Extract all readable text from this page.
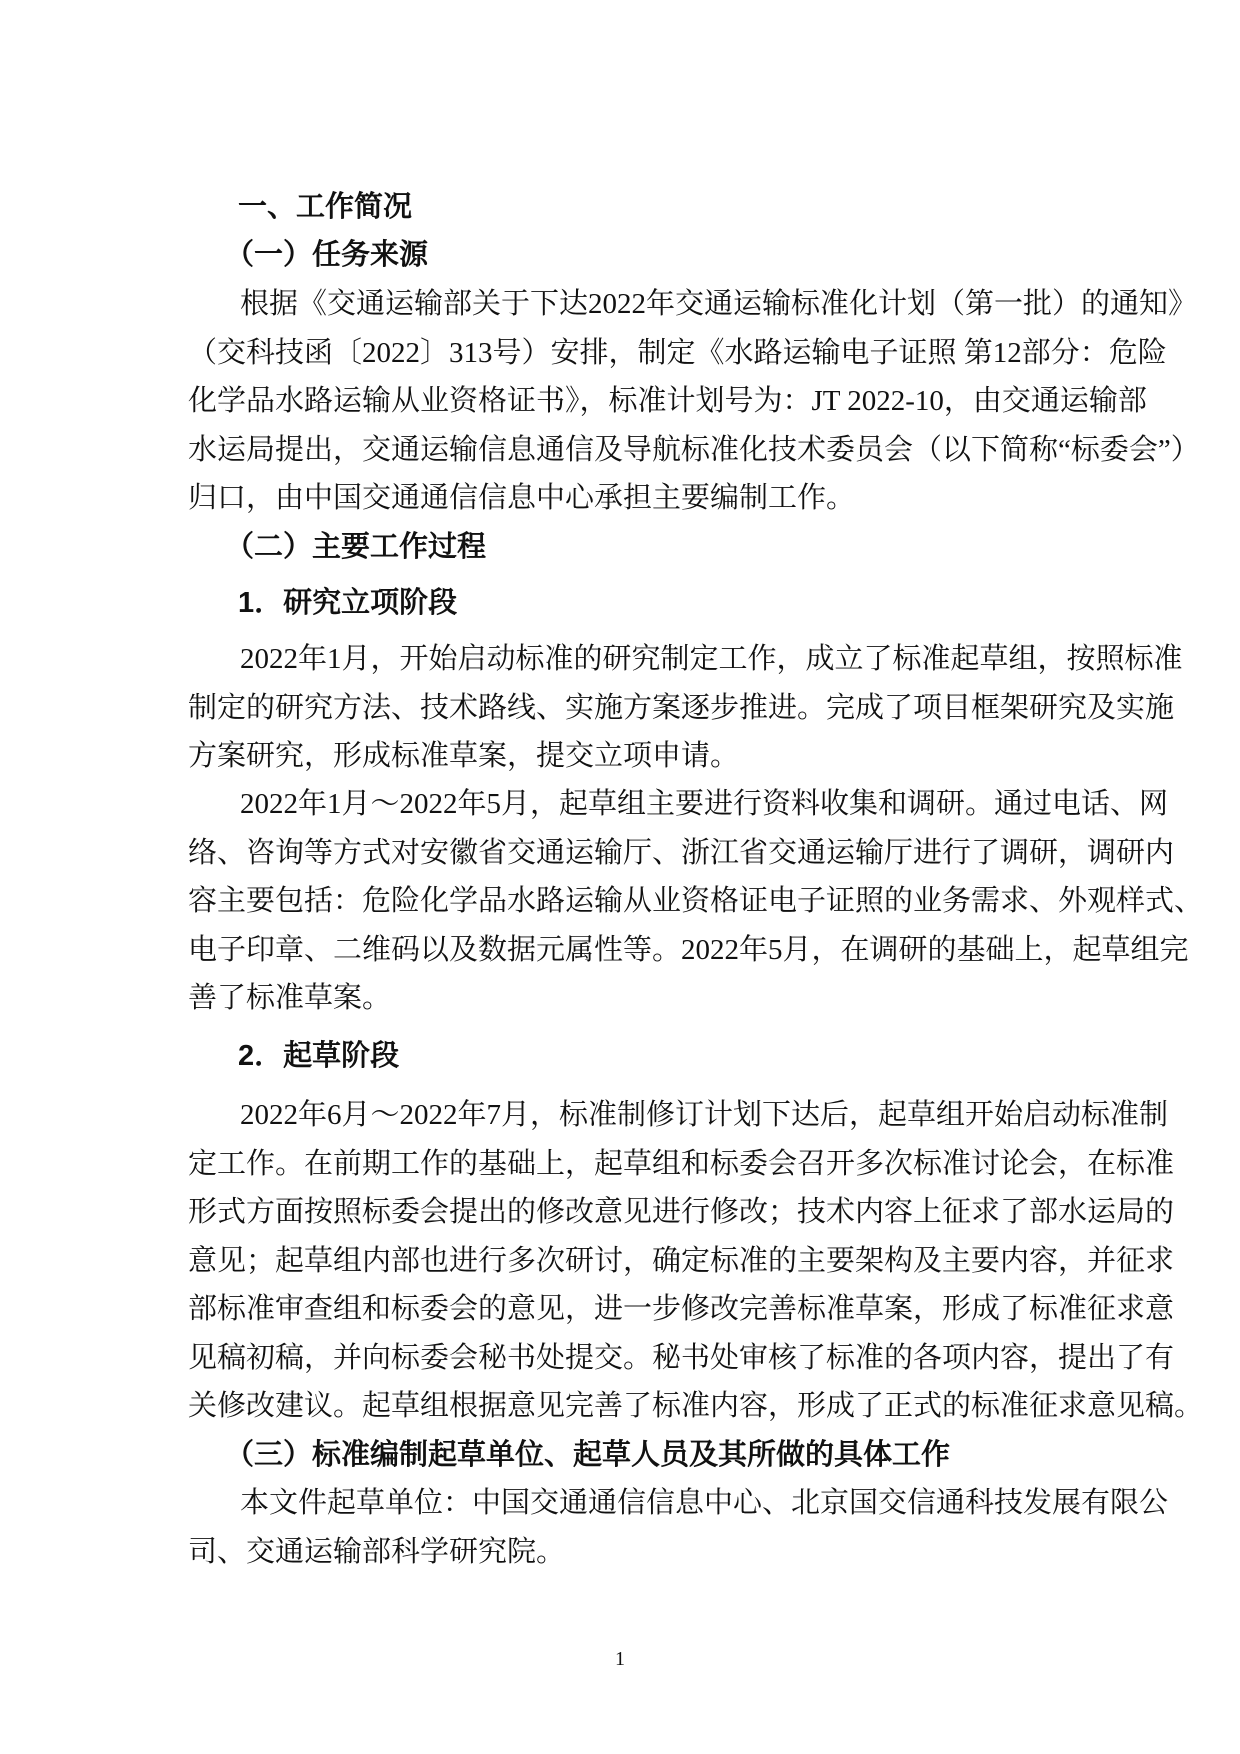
一、工作简况
（一）任务来源
根据《交通运输部关于下达2022年交通运输标准化计划（第一批）的通知》
（交科技函〔2022〕313号）安排，制定《水路运输电子证照 第12部分：危险
化学品水路运输从业资格证书》，标准计划号为：JT 2022-10，由交通运输部
水运局提出，交通运输信息通信及导航标准化技术委员会（以下简称“标委会”）
归口，由中国交通通信信息中心承担主要编制工作。
（二）主要工作过程
1．研究立项阶段
2022年1月，开始启动标准的研究制定工作，成立了标准起草组，按照标准
制定的研究方法、技术路线、实施方案逐步推进。完成了项目框架研究及实施
方案研究，形成标准草案，提交立项申请。
2022年1月～2022年5月，起草组主要进行资料收集和调研。通过电话、网
络、咨询等方式对安徽省交通运输厅、浙江省交通运输厅进行了调研，调研内
容主要包括：危险化学品水路运输从业资格证电子证照的业务需求、外观样式、
电子印章、二维码以及数据元属性等。2022年5月，在调研的基础上，起草组完
善了标准草案。
2．起草阶段
2022年6月～2022年7月，标准制修订计划下达后，起草组开始启动标准制
定工作。在前期工作的基础上，起草组和标委会召开多次标准讨论会，在标准
形式方面按照标委会提出的修改意见进行修改；技术内容上征求了部水运局的
意见；起草组内部也进行多次研讨，确定标准的主要架构及主要内容，并征求
部标准审查组和标委会的意见，进一步修改完善标准草案，形成了标准征求意
见稿初稿，并向标委会秘书处提交。秘书处审核了标准的各项内容，提出了有
关修改建议。起草组根据意见完善了标准内容，形成了正式的标准征求意见稿。
（三）标准编制起草单位、起草人员及其所做的具体工作
本文件起草单位：中国交通通信信息中心、北京国交信通科技发展有限公
司、交通运输部科学研究院。
1
